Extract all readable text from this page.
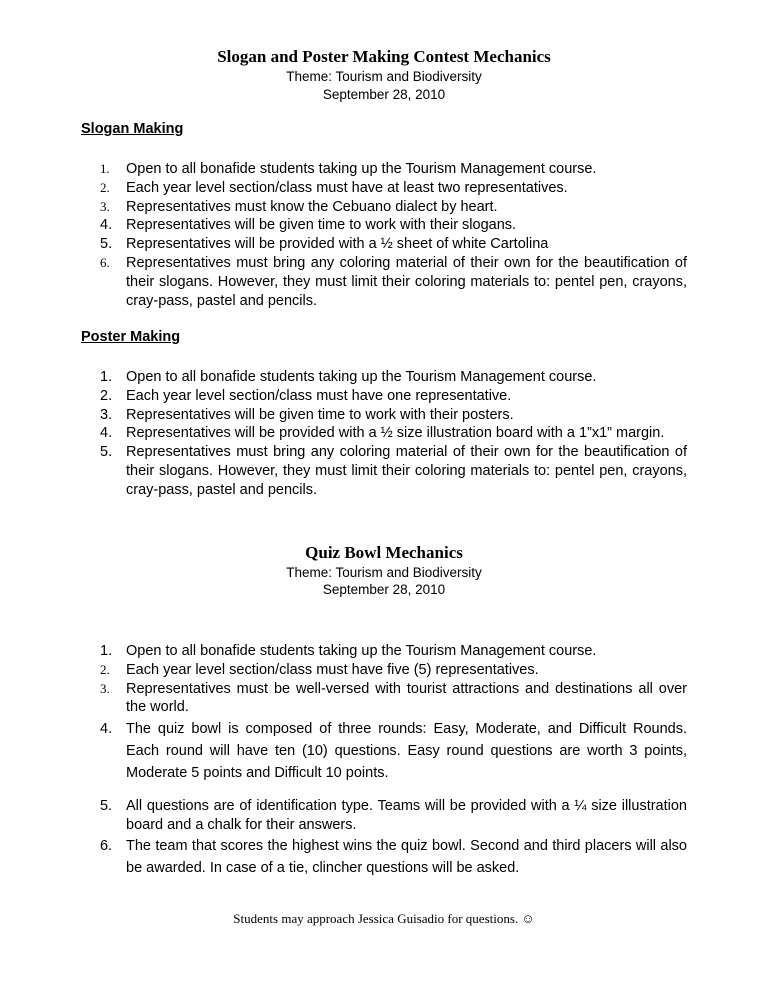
Slogan and Poster Making Contest Mechanics
Theme: Tourism and Biodiversity
September 28, 2010
Slogan Making
1.	Open to all bonafide students taking up the Tourism Management course.
2.	Each year level section/class must have at least two representatives.
3.	Representatives must know the Cebuano dialect by heart.
4. Representatives will be given time to work with their slogans.
5. Representatives will be provided with a ½ sheet of white Cartolina
6.	Representatives must bring any coloring material of their own for the beautification of their slogans. However, they must limit their coloring materials to: pentel pen, crayons, cray-pass, pastel and pencils.
Poster Making
1. Open to all bonafide students taking up the Tourism Management course.
2. Each year level section/class must have one representative.
3. Representatives will be given time to work with their posters.
4. Representatives will be provided with a ½ size illustration board with a 1”x1” margin.
5. Representatives must bring any coloring material of their own for the beautification of their slogans. However, they must limit their coloring materials to: pentel pen, crayons, cray-pass, pastel and pencils.
Quiz Bowl Mechanics
Theme: Tourism and Biodiversity
September 28, 2010
1. Open to all bonafide students taking up the Tourism Management course.
2.	Each year level section/class must have five (5) representatives.
3.	Representatives must be well-versed with tourist attractions and destinations all over the world.
4. The quiz bowl is composed of three rounds: Easy, Moderate, and Difficult Rounds. Each round will have ten (10) questions. Easy round questions are worth 3 points, Moderate 5 points and Difficult 10 points.
5. All questions are of identification type. Teams will be provided with a ¼ size illustration board and a chalk for their answers.
6. The team that scores the highest wins the quiz bowl. Second and third placers will also be awarded. In case of a tie, clincher questions will be asked.
Students may approach Jessica Guisadio for questions. ☺
